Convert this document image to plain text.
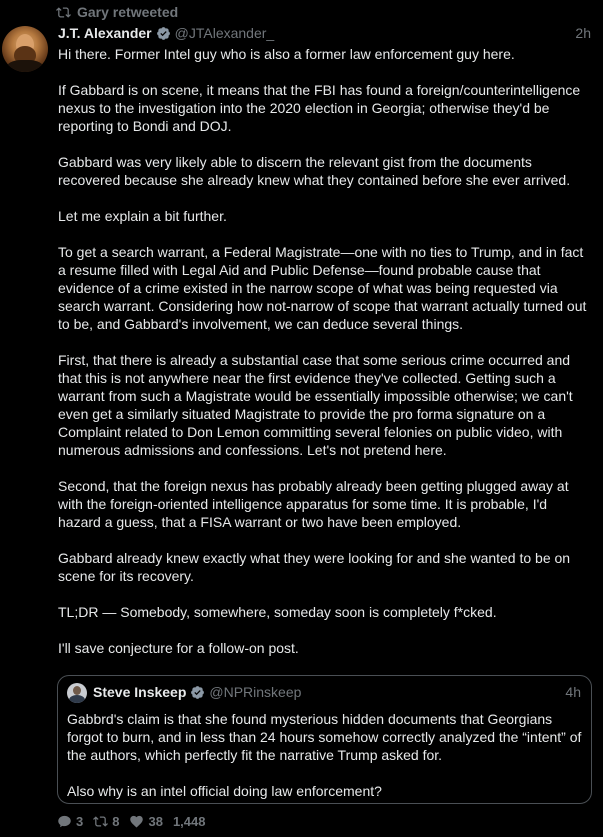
Gary retweeted
J.T. Alexander @JTAlexander_	2h

Hi there. Former Intel guy who is also a former law enforcement guy here.

If Gabbard is on scene, it means that the FBI has found a foreign/counterintelligence nexus to the investigation into the 2020 election in Georgia; otherwise they'd be reporting to Bondi and DOJ.

Gabbard was very likely able to discern the relevant gist from the documents recovered because she already knew what they contained before she ever arrived.

Let me explain a bit further.

To get a search warrant, a Federal Magistrate—one with no ties to Trump, and in fact a resume filled with Legal Aid and Public Defense—found probable cause that evidence of a crime existed in the narrow scope of what was being requested via search warrant. Considering how not-narrow of scope that warrant actually turned out to be, and Gabbard's involvement, we can deduce several things.

First, that there is already a substantial case that some serious crime occurred and that this is not anywhere near the first evidence they've collected. Getting such a warrant from such a Magistrate would be essentially impossible otherwise; we can't even get a similarly situated Magistrate to provide the pro forma signature on a Complaint related to Don Lemon committing several felonies on public video, with numerous admissions and confessions. Let's not pretend here.

Second, that the foreign nexus has probably already been getting plugged away at with the foreign-oriented intelligence apparatus for some time. It is probable, I'd hazard a guess, that a FISA warrant or two have been employed.

Gabbard already knew exactly what they were looking for and she wanted to be on scene for its recovery.

TL;DR — Somebody, somewhere, someday soon is completely f*cked.

I'll save conjecture for a follow-on post.

Steve Inskeep @NPRinskeep	4h

Gabbrd's claim is that she found mysterious hidden documents that Georgians forgot to burn, and in less than 24 hours somehow correctly analyzed the “intent” of the authors, which perfectly fit the narrative Trump asked for.

Also why is an intel official doing law enforcement?

3 8 38 1,448
